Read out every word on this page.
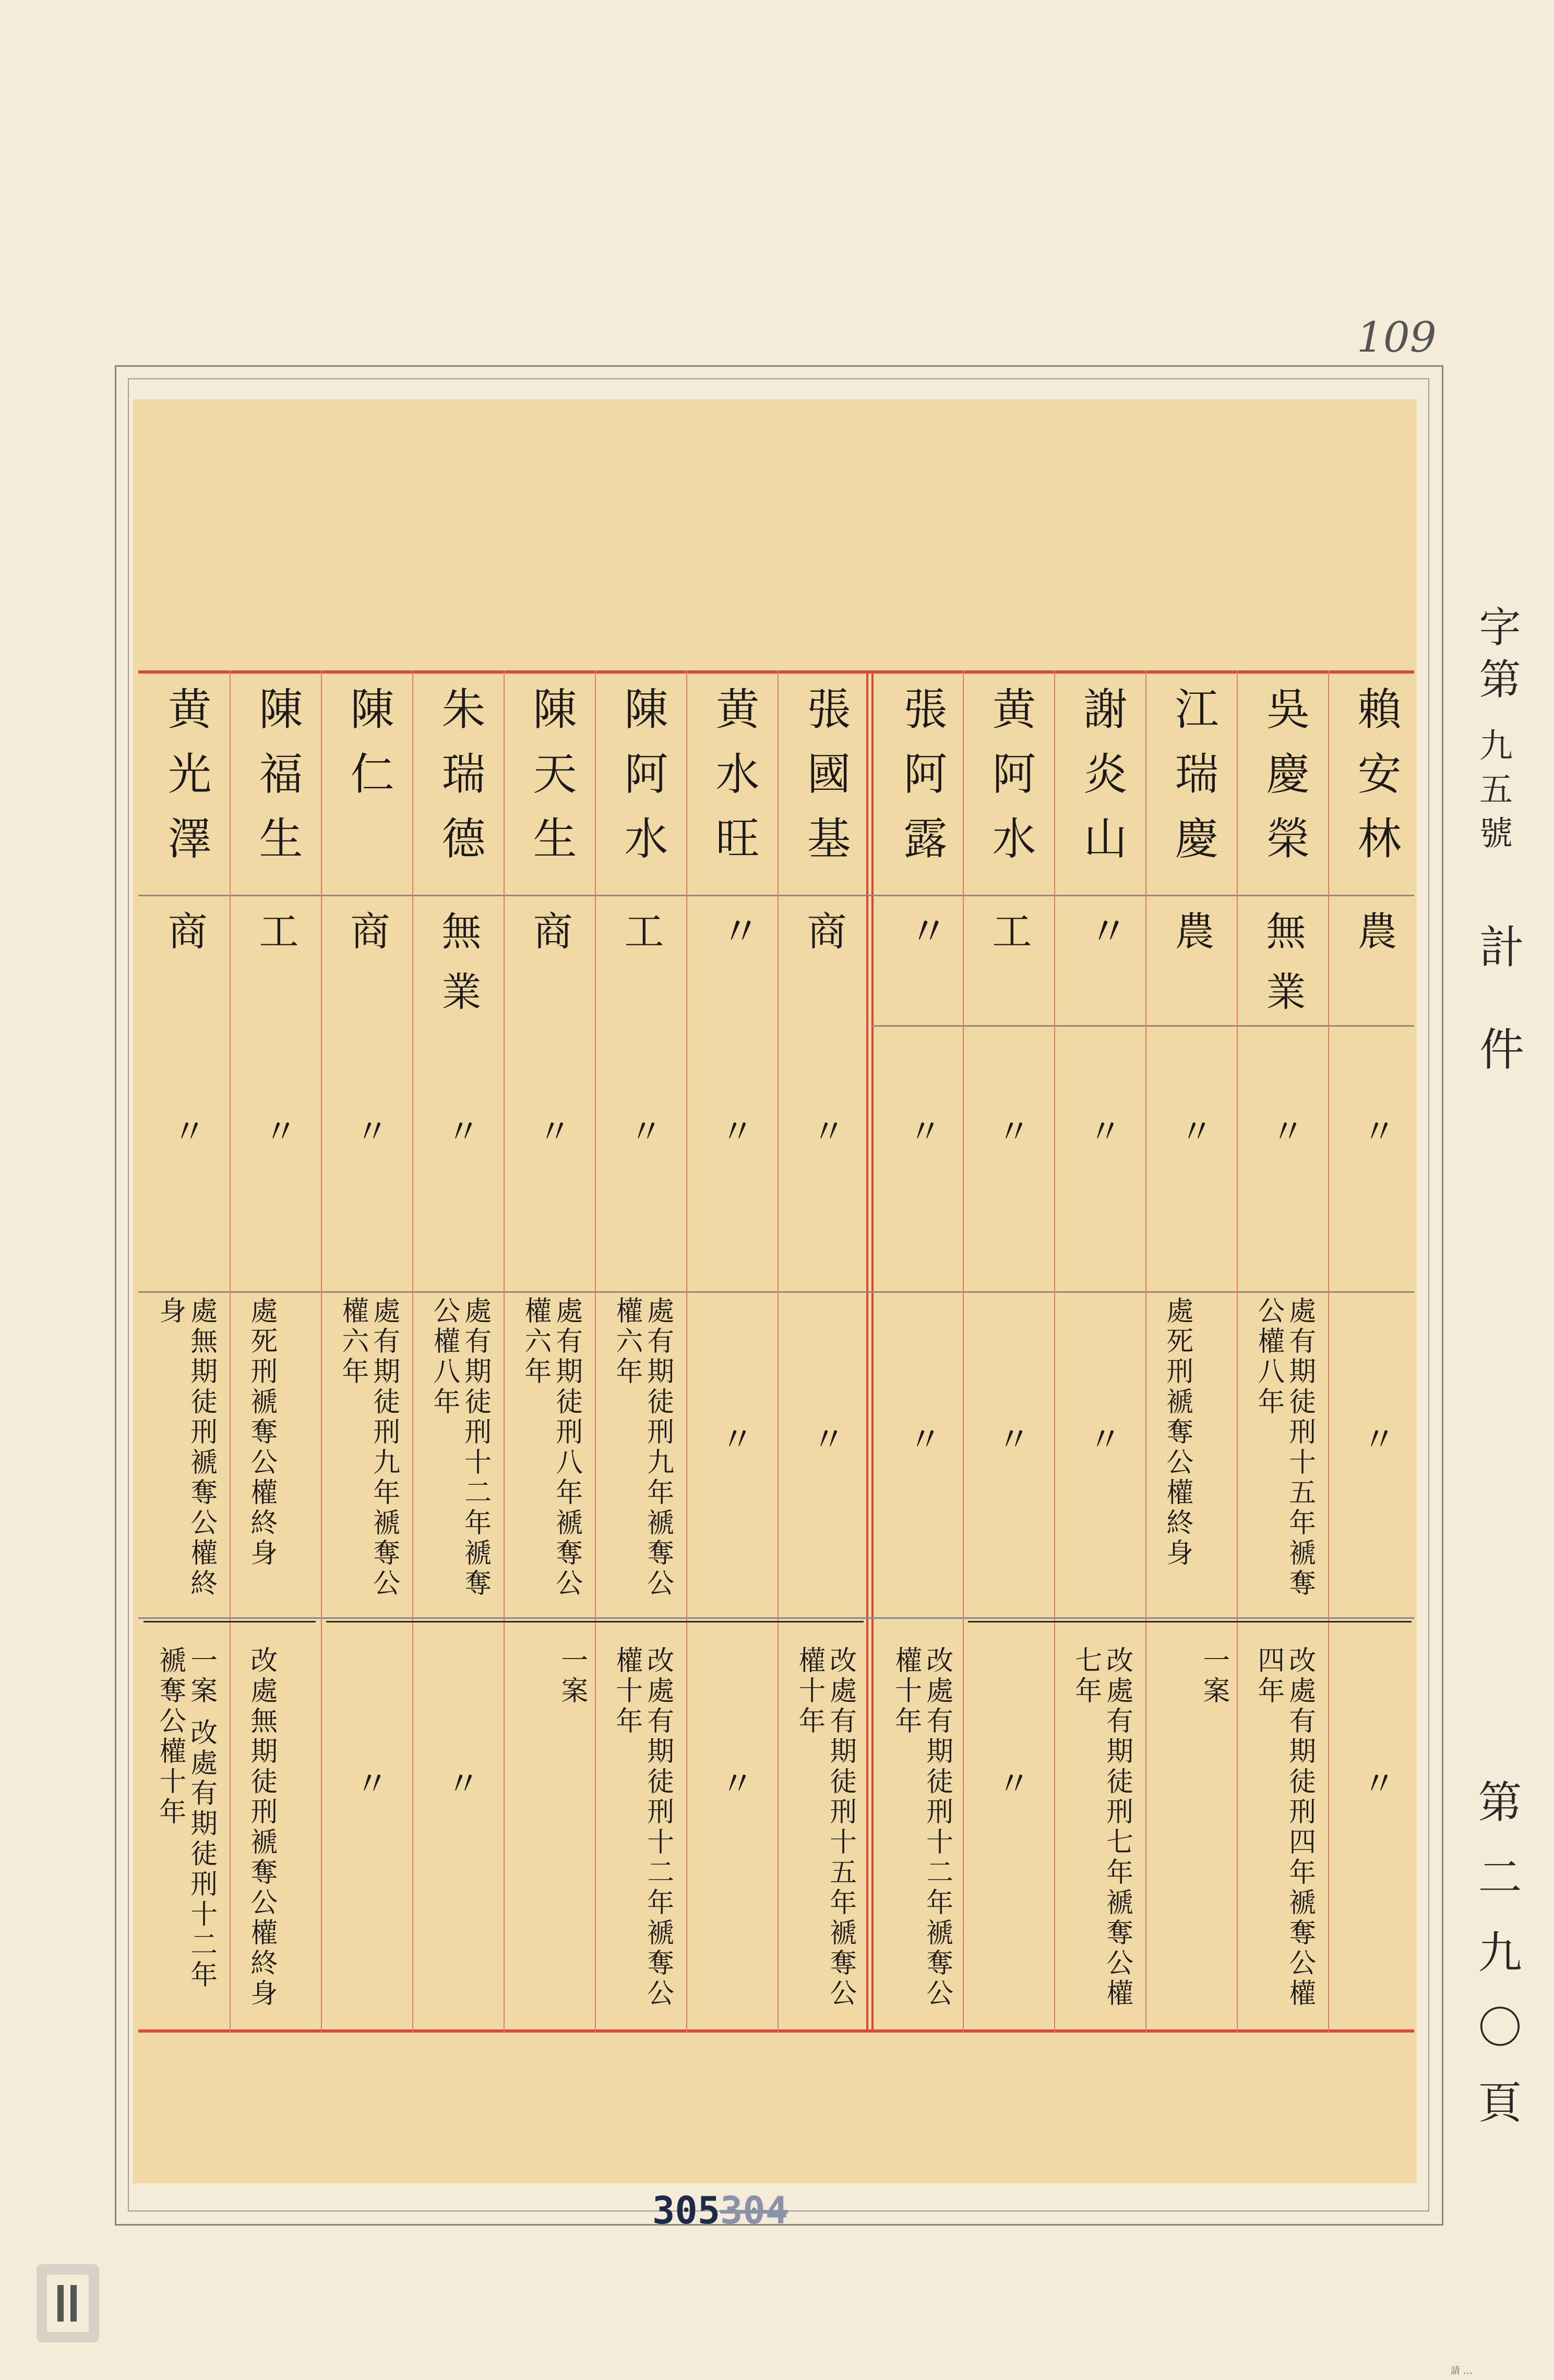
109
賴安林
農
〃
〃
〃
吳慶榮
無業
〃
處有期徒刑十五年褫奪公權八年
改處有期徒刑四年褫奪公權四年
江瑞慶
農
〃
處死刑褫奪公權終身
一案
謝炎山
〃
〃
〃
改處有期徒刑七年褫奪公權七年
黄阿水
工
〃
〃
〃
張阿露
〃
〃
〃
改處有期徒刑十二年褫奪公權十年
張國基
商
〃
〃
改處有期徒刑十五年褫奪公權十年
黄水旺
〃
〃
〃
〃
陳阿水
工
〃
處有期徒刑九年褫奪公權六年
改處有期徒刑十二年褫奪公權十年
陳天生
商
〃
處有期徒刑八年褫奪公權六年
一案
朱瑞德
無業
〃
處有期徒刑十二年褫奪公權八年
〃
陳仁
商
〃
處有期徒刑九年褫奪公權六年
〃
陳福生
工
〃
處死刑褫奪公權終身
改處無期徒刑褫奪公權終身
黄光澤
商
〃
處無期徒刑褫奪公權終身
一案 改處有期徒刑十二年褫奪公權十年
字第
九五號
計件
第二九〇頁
305304
請 …
